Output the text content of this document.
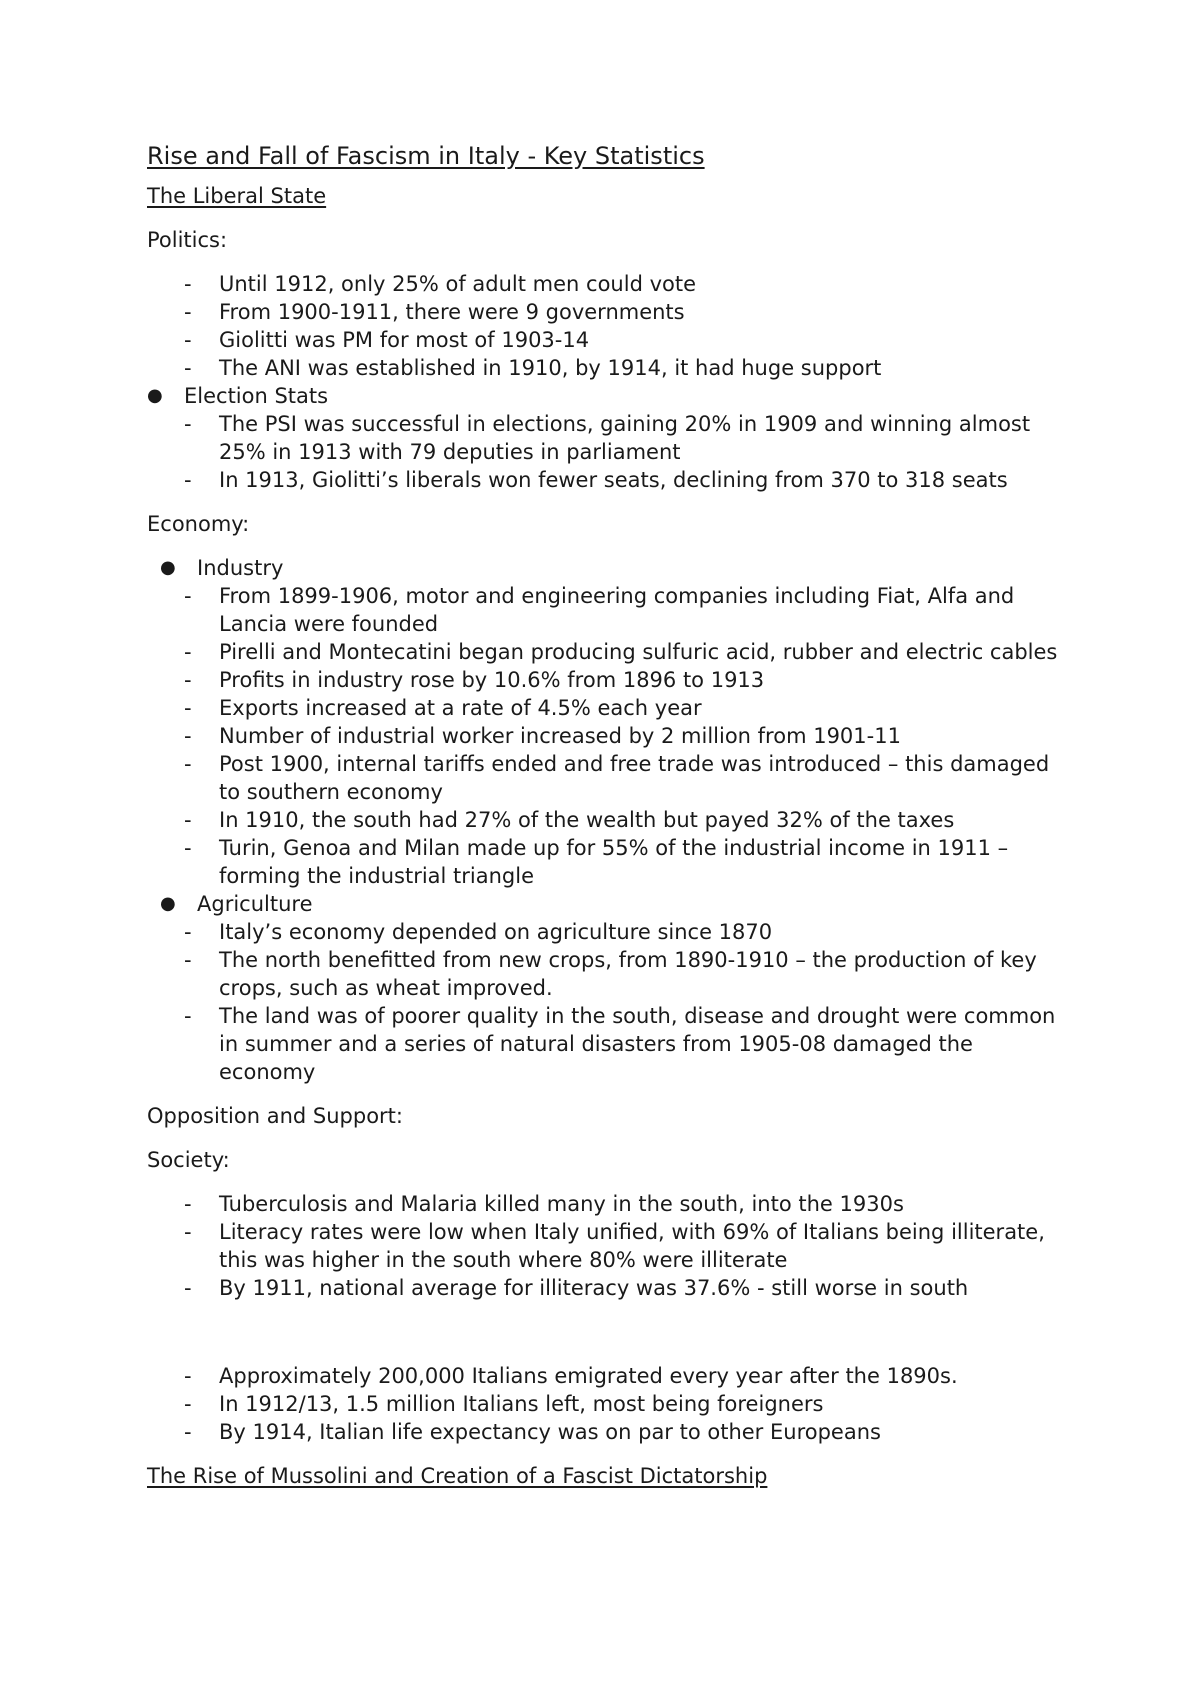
Rise and Fall of Fascism in Italy - Key Statistics
The Liberal State
Politics:
- Until 1912, only 25% of adult men could vote
- From 1900-1911, there were 9 governments
- Giolitti was PM for most of 1903-14
- The ANI was established in 1910, by 1914, it had huge support
● Election Stats
- The PSI was successful in elections, gaining 20% in 1909 and winning almost 25% in 1913 with 79 deputies in parliament
- In 1913, Giolitti’s liberals won fewer seats, declining from 370 to 318 seats
Economy:
● Industry
- From 1899-1906, motor and engineering companies including Fiat, Alfa and Lancia were founded
- Pirelli and Montecatini began producing sulfuric acid, rubber and electric cables
- Profits in industry rose by 10.6% from 1896 to 1913
- Exports increased at a rate of 4.5% each year
- Number of industrial worker increased by 2 million from 1901-11
- Post 1900, internal tariffs ended and free trade was introduced – this damaged to southern economy
- In 1910, the south had 27% of the wealth but payed 32% of the taxes
- Turin, Genoa and Milan made up for 55% of the industrial income in 1911 – forming the industrial triangle
● Agriculture
- Italy’s economy depended on agriculture since 1870
- The north benefitted from new crops, from 1890-1910 – the production of key crops, such as wheat improved.
- The land was of poorer quality in the south, disease and drought were common in summer and a series of natural disasters from 1905-08 damaged the economy
Opposition and Support:
Society:
- Tuberculosis and Malaria killed many in the south, into the 1930s
- Literacy rates were low when Italy unified, with 69% of Italians being illiterate, this was higher in the south where 80% were illiterate
- By 1911, national average for illiteracy was 37.6% - still worse in south
- Approximately 200,000 Italians emigrated every year after the 1890s.
- In 1912/13, 1.5 million Italians left, most being foreigners
- By 1914, Italian life expectancy was on par to other Europeans
The Rise of Mussolini and Creation of a Fascist Dictatorship
